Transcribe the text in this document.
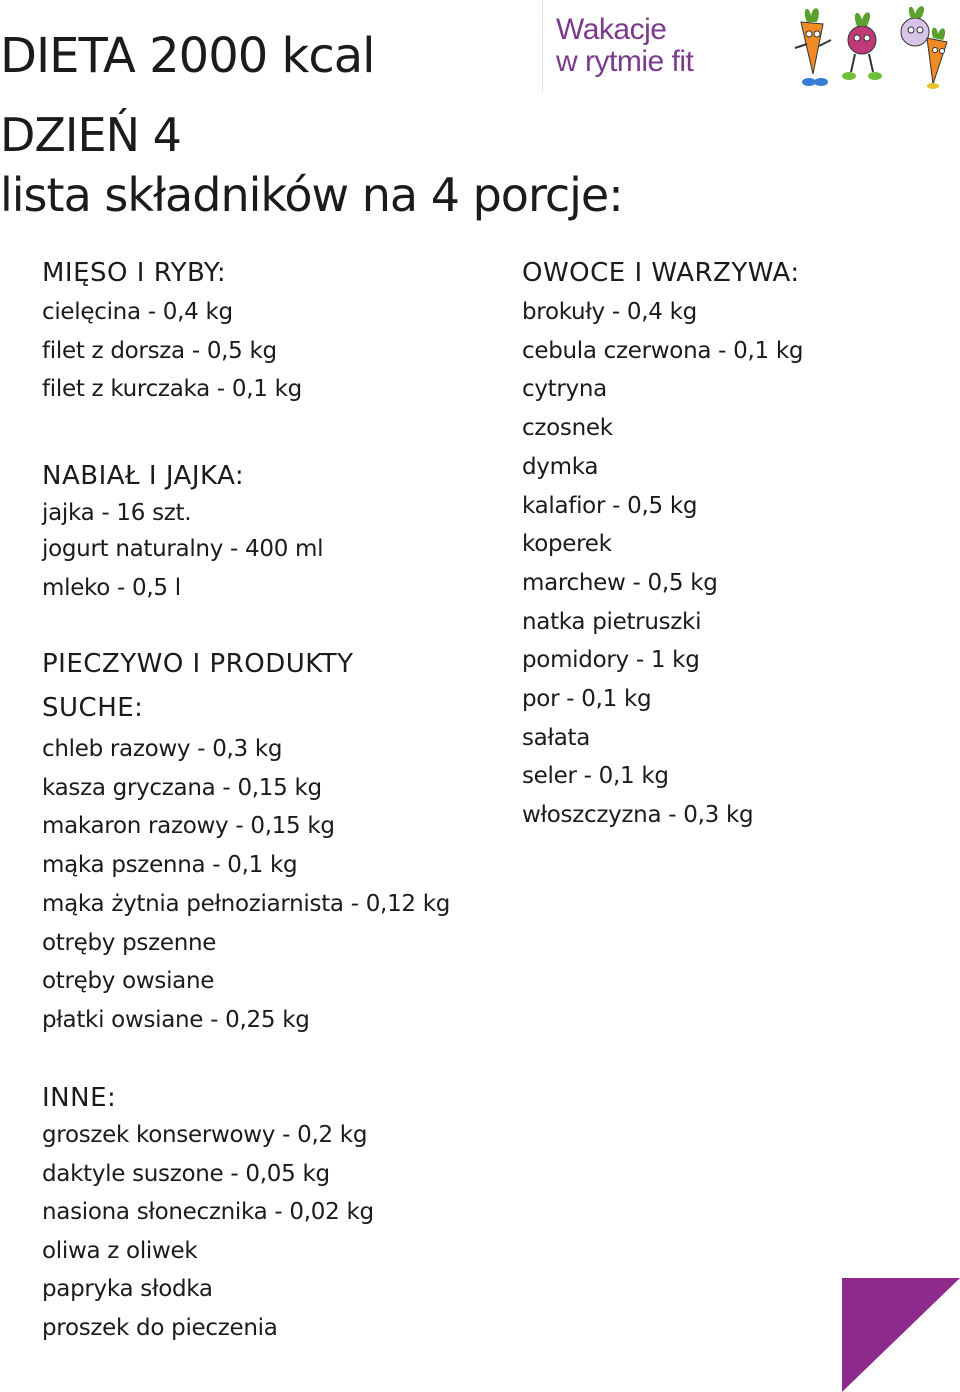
DIETA 2000 kcal
DZIEŃ 4
lista składników na 4 porcje:
Wakacje
w rytmie fit
MIĘSO I RYBY:
cielęcina - 0,4 kg
filet z dorsza - 0,5 kg
filet z kurczaka - 0,1 kg
NABIAŁ I JAJKA:
jajka - 16 szt.
jogurt naturalny - 400 ml
mleko - 0,5 l
PIECZYWO I PRODUKTY
SUCHE:
chleb razowy - 0,3 kg
kasza gryczana - 0,15 kg
makaron razowy - 0,15 kg
mąka pszenna - 0,1 kg
mąka żytnia pełnoziarnista - 0,12 kg
otręby pszenne
otręby owsiane
płatki owsiane - 0,25 kg
OWOCE I WARZYWA:
brokuły - 0,4 kg
cebula czerwona - 0,1 kg
cytryna
czosnek
dymka
kalafior - 0,5 kg
koperek
marchew - 0,5 kg
natka pietruszki
pomidory - 1 kg
por - 0,1 kg
sałata
seler - 0,1 kg
włoszczyzna - 0,3 kg
INNE:
groszek konserwowy - 0,2 kg
daktyle suszone - 0,05 kg
nasiona słonecznika - 0,02 kg
oliwa z oliwek
papryka słodka
proszek do pieczenia
